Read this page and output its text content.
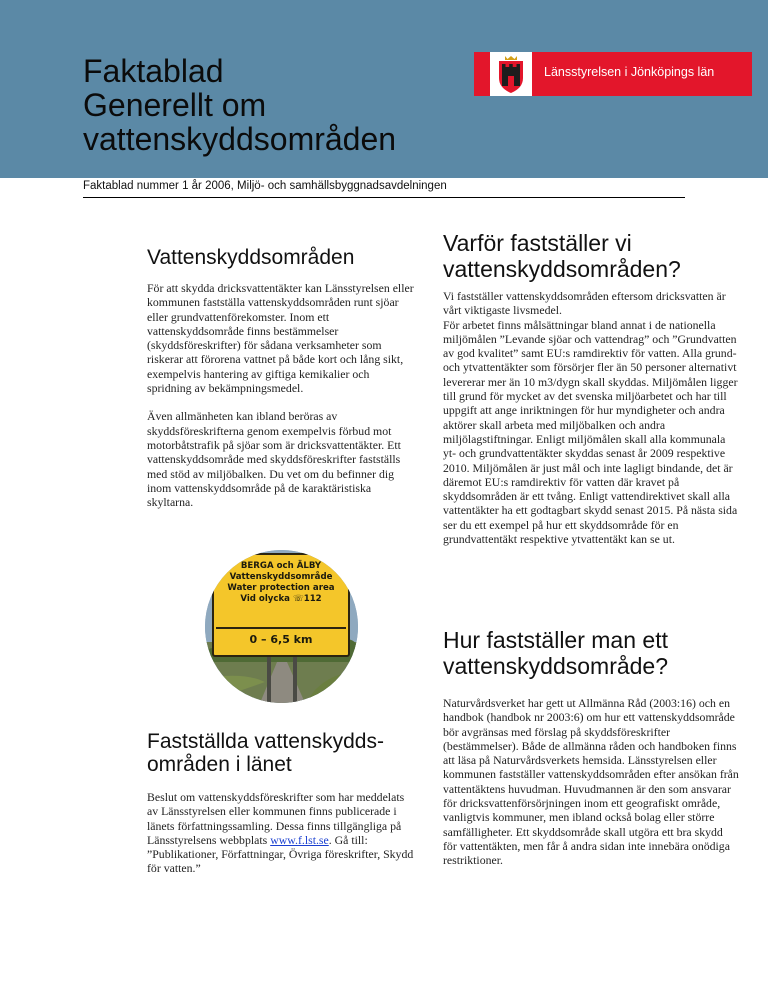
Faktablad
Generellt om
vattenskyddsområden
Länsstyrelsen i Jönköpings län
Faktablad nummer 1 år 2006, Miljö- och samhällsbyggnadsavdelningen
Vattenskyddsområden

För att skydda dricksvattentäkter kan Länsstyrelsen eller kommunen fastställa vattenskyddsområden runt sjöar eller grundvattenförekomster. Inom ett vattenskyddsområde finns bestämmelser (skyddsföreskrifter) för sådana verksamheter som riskerar att förorena vattnet på både kort och lång sikt, exempelvis hantering av giftiga kemikalier och spridning av bekämpningsmedel.

Även allmänheten kan ibland beröras av skyddsföreskrifterna genom exempelvis förbud mot motorbåtstrafik på sjöar som är dricksvattentäkter. Ett vattenskyddsområde med skyddsföreskrifter fastställs med stöd av miljöbalken. Du vet om du befinner dig inom vattenskyddsområde på de karaktäristiska skyltarna.

BERGA och ÄLBY
Vattenskyddsområde
Water protection area
Vid olycka ☏112
0 – 6,5 km
Fastställda vattenskydds-
områden i länet

Beslut om vattenskyddsföreskrifter som har meddelats av Länsstyrelsen eller kommunen finns publicerade i länets författningssamling. Dessa finns tillgängliga på Länsstyrelsens webbplats www.f.lst.se. Gå till: ”Publikationer, Författningar, Övriga föreskrifter, Skydd för vatten.”

Varför fastställer vi vattenskyddsområden?

Vi fastställer vattenskyddsområden eftersom dricksvatten är vårt viktigaste livsmedel.
För arbetet finns målsättningar bland annat i de nationella miljömålen ”Levande sjöar och vattendrag” och ”Grundvatten av god kvalitet” samt EU:s ramdirektiv för vatten. Alla grund- och ytvattentäkter som försörjer fler än 50 personer alternativt levererar mer än 10 m3/dygn skall skyddas. Miljömålen ligger till grund för mycket av det svenska miljöarbetet och har till uppgift att ange inriktningen för hur myndigheter och andra aktörer skall arbeta med miljöbalken och andra miljölagstiftningar. Enligt miljömålen skall alla kommunala yt- och grundvattentäkter skyddas senast år 2009 respektive 2010. Miljömålen är just mål och inte lagligt bindande, det är däremot EU:s ramdirektiv för vatten där kravet på skyddsområden är ett tvång. Enligt vattendirektivet skall alla vattentäkter ha ett godtagbart skydd senast 2015. På nästa sida ser du ett exempel på hur ett skyddsområde för en grundvattentäkt respektive ytvattentäkt kan se ut.

Hur fastställer man ett vattenskyddsområde?

Naturvårdsverket har gett ut Allmänna Råd (2003:16) och en handbok (handbok nr 2003:6) om hur ett vattenskyddsområde bör avgränsas med förslag på skyddsföreskrifter (bestämmelser). Både de allmänna råden och handboken finns att läsa på Naturvårdsverkets hemsida. Länsstyrelsen eller kommunen fastställer vattenskyddsområden efter ansökan från vattentäktens huvudman. Huvudmannen är den som ansvarar för dricksvattenförsörjningen inom ett geografiskt område, vanligtvis kommuner, men ibland också bolag eller större samfälligheter. Ett skyddsområde skall utgöra ett bra skydd för vattentäkten, men får å andra sidan inte innebära onödiga restriktioner.
